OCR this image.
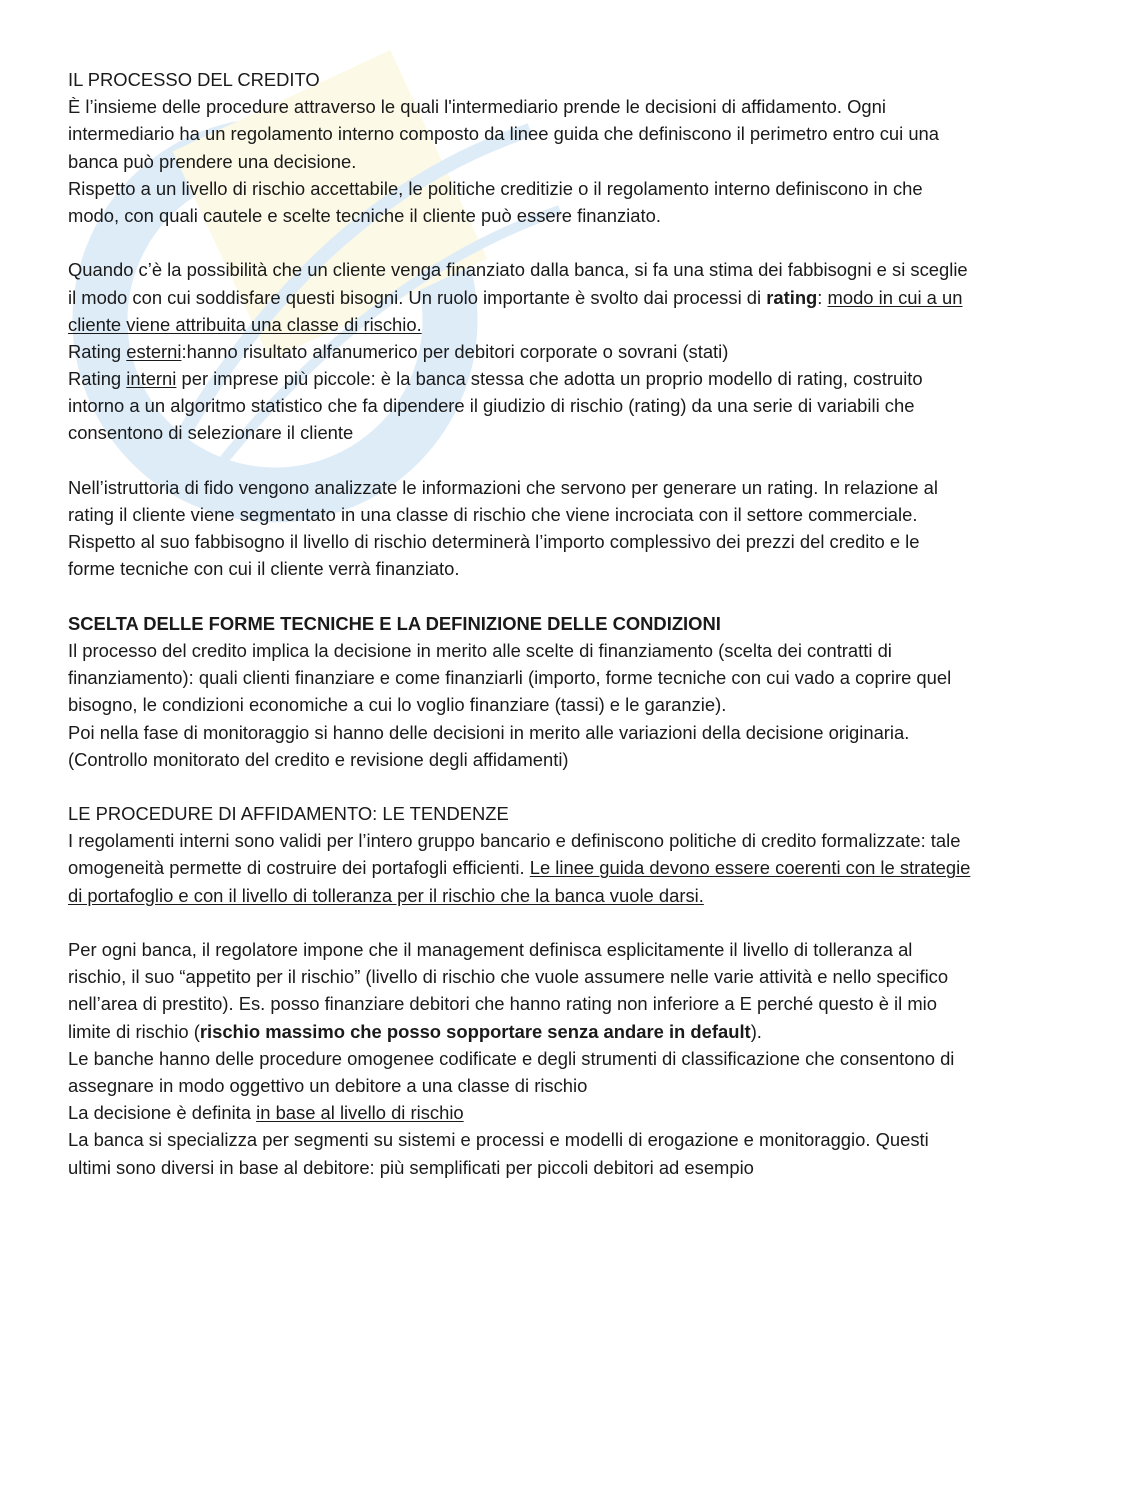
IL PROCESSO DEL CREDITO
È l’insieme delle procedure attraverso le quali l'intermediario prende le decisioni di affidamento. Ogni
intermediario ha un regolamento interno composto da linee guida che definiscono il perimetro entro cui una
banca può prendere una decisione.
Rispetto a un livello di rischio accettabile, le politiche creditizie o il regolamento interno definiscono in che
modo, con quali cautele e scelte tecniche il cliente può essere finanziato.
Quando c’è la possibilità che un cliente venga finanziato dalla banca, si fa una stima dei fabbisogni e si sceglie
il modo con cui soddisfare questi bisogni. Un ruolo importante è svolto dai processi di rating: modo in cui a un
cliente viene attribuita una classe di rischio.
Rating esterni:hanno risultato alfanumerico per debitori corporate o sovrani (stati)
Rating interni per imprese più piccole: è la banca stessa che adotta un proprio modello di rating, costruito
intorno a un algoritmo statistico che fa dipendere il giudizio di rischio (rating) da una serie di variabili che
consentono di selezionare il cliente
Nell’istruttoria di fido vengono analizzate le informazioni che servono per generare un rating. In relazione al
rating il cliente viene segmentato in una classe di rischio che viene incrociata con il settore commerciale.
Rispetto al suo fabbisogno il livello di rischio determinerà l’importo complessivo dei prezzi del credito e le
forme tecniche con cui il cliente verrà finanziato.
SCELTA DELLE FORME TECNICHE E LA DEFINIZIONE DELLE CONDIZIONI
Il processo del credito implica la decisione in merito alle scelte di finanziamento (scelta dei contratti di
finanziamento): quali clienti finanziare e come finanziarli (importo, forme tecniche con cui vado a coprire quel
bisogno, le condizioni economiche a cui lo voglio finanziare (tassi) e le garanzie).
Poi nella fase di monitoraggio si hanno delle decisioni in merito alle variazioni della decisione originaria.
(Controllo monitorato del credito e revisione degli affidamenti)
LE PROCEDURE DI AFFIDAMENTO: LE TENDENZE
I regolamenti interni sono validi per l’intero gruppo bancario e definiscono politiche di credito formalizzate: tale
omogeneità permette di costruire dei portafogli efficienti. Le linee guida devono essere coerenti con le strategie
di portafoglio e con il livello di tolleranza per il rischio che la banca vuole darsi.
Per ogni banca, il regolatore impone che il management definisca esplicitamente il livello di tolleranza al
rischio, il suo “appetito per il rischio” (livello di rischio che vuole assumere nelle varie attività e nello specifico
nell’area di prestito). Es. posso finanziare debitori che hanno rating non inferiore a E perché questo è il mio
limite di rischio (rischio massimo che posso sopportare senza andare in default).
Le banche hanno delle procedure omogenee codificate e degli strumenti di classificazione che consentono di
assegnare in modo oggettivo un debitore a una classe di rischio
La decisione è definita in base al livello di rischio
La banca si specializza per segmenti su sistemi e processi e modelli di erogazione e monitoraggio. Questi
ultimi sono diversi in base al debitore: più semplificati per piccoli debitori ad esempio
